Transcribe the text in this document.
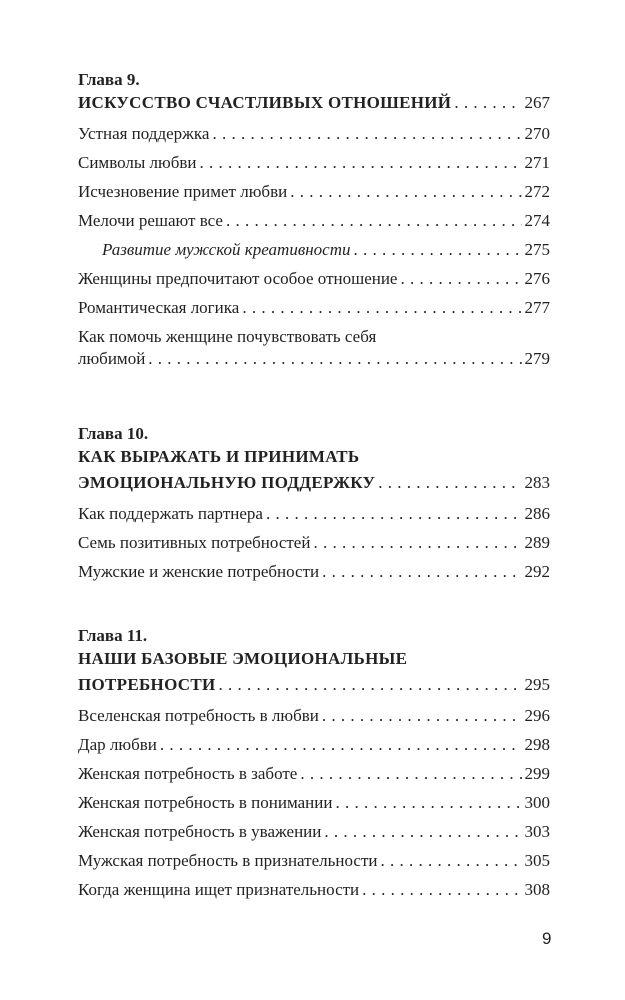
Глава 9.
ИСКУССТВО СЧАСТЛИВЫХ ОТНОШЕНИЙ . . .	267
Устная поддержка . . .	270
Символы любви . . .	271
Исчезновение примет любви . . .	272
Мелочи решают все . . .	274
Развитие мужской креативности . . .	275
Женщины предпочитают особое отношение . . .	276
Романтическая логика . . .	277
Как помочь женщине почувствовать себя
любимой . . .	279
Глава 10.
КАК ВЫРАЖАТЬ И ПРИНИМАТЬ
ЭМОЦИОНАЛЬНУЮ ПОДДЕРЖКУ . . .	283
Как поддержать партнера . . .	286
Семь позитивных потребностей . . .	289
Мужские и женские потребности . . .	292
Глава 11.
НАШИ БАЗОВЫЕ ЭМОЦИОНАЛЬНЫЕ
ПОТРЕБНОСТИ . . .	295
Вселенская потребность в любви . . .	296
Дар любви . . .	298
Женская потребность в заботе . . .	299
Женская потребность в понимании . . .	300
Женская потребность в уважении . . .	303
Мужская потребность в признательности . . .	305
Когда женщина ищет признательности . . .	308
9
